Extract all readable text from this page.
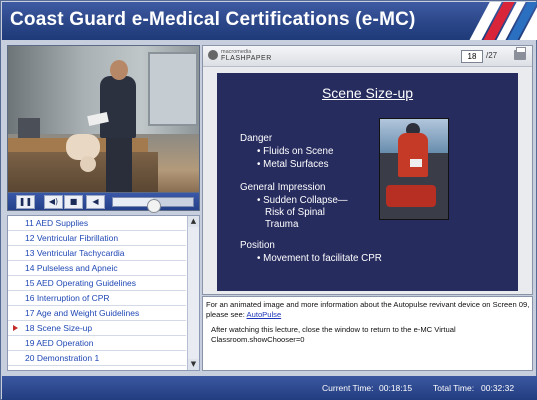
Coast Guard e-Medical Certifications (e-MC)
❚❚	◀)	■	◀
11 AED Supplies
12 Ventricular Fibrillation
13 Ventricular Tachycardia
14 Pulseless and Apneic
15 AED Operating Guidelines
16 Interruption of CPR
17 Age and Weight Guidelines
18 Scene Size-up
19 AED Operation
20 Demonstration 1
▲
▼
macromedia
FLASHPAPER	18	/27
Scene Size-up
Danger
• Fluids on Scene
• Metal Surfaces
General Impression
• Sudden Collapse—
Risk of Spinal
Trauma
Position
• Movement to facilitate CPR

For an animated image and more information about the Autopulse revivant device on Screen 09, please see: AutoPulse

After watching this lecture, close the window to return to the e-MC Virtual Classroom.showChooser=0

Current Time: 00:18:15 Total Time: 00:32:32
